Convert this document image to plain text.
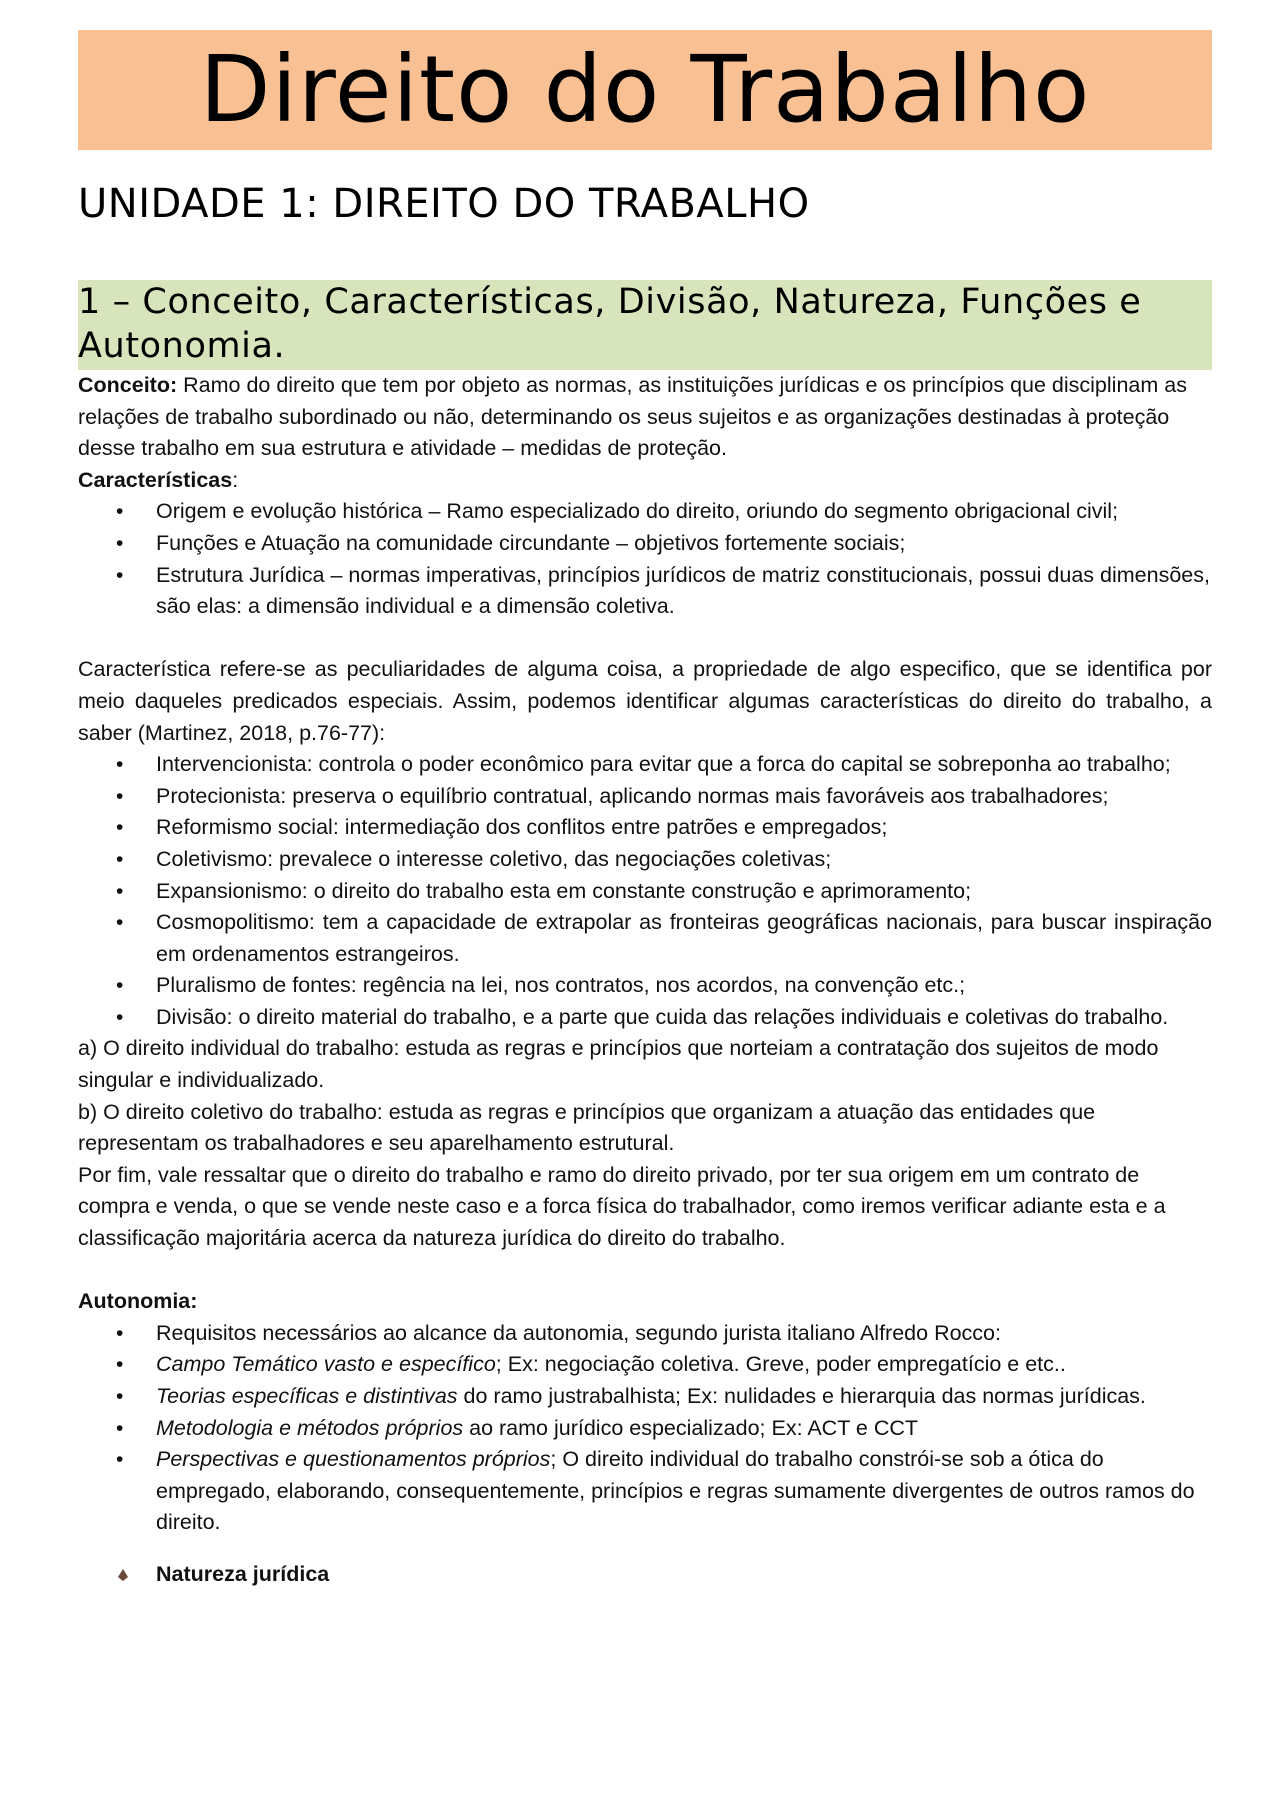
Direito do Trabalho
UNIDADE 1: DIREITO DO TRABALHO
1 – Conceito, Características, Divisão, Natureza, Funções e Autonomia.

Conceito: Ramo do direito que tem por objeto as normas, as instituições jurídicas e os princípios que disciplinam as relações de trabalho subordinado ou não, determinando os seus sujeitos e as organizações destinadas à proteção desse trabalho em sua estrutura e atividade – medidas de proteção.

Características:

• Origem e evolução histórica – Ramo especializado do direito, oriundo do segmento obrigacional civil;
• Funções e Atuação na comunidade circundante – objetivos fortemente sociais;
• Estrutura Jurídica – normas imperativas, princípios jurídicos de matriz constitucionais, possui duas dimensões, são elas: a dimensão individual e a dimensão coletiva.

Característica refere-se as peculiaridades de alguma coisa, a propriedade de algo especifico, que se identifica por meio daqueles predicados especiais. Assim, podemos identificar algumas características do direito do trabalho, a saber (Martinez, 2018, p.76-77):

• Intervencionista: controla o poder econômico para evitar que a forca do capital se sobreponha ao trabalho;
• Protecionista: preserva o equilíbrio contratual, aplicando normas mais favoráveis aos trabalhadores;
• Reformismo social: intermediação dos conflitos entre patrões e empregados;
• Coletivismo: prevalece o interesse coletivo, das negociações coletivas;
• Expansionismo: o direito do trabalho esta em constante construção e aprimoramento;
• Cosmopolitismo: tem a capacidade de extrapolar as fronteiras geográficas nacionais, para buscar inspiração em ordenamentos estrangeiros.
• Pluralismo de fontes: regência na lei, nos contratos, nos acordos, na convenção etc.;
• Divisão: o direito material do trabalho, e a parte que cuida das relações individuais e coletivas do trabalho.

a) O direito individual do trabalho: estuda as regras e princípios que norteiam a contratação dos sujeitos de modo singular e individualizado.

b) O direito coletivo do trabalho: estuda as regras e princípios que organizam a atuação das entidades que representam os trabalhadores e seu aparelhamento estrutural.

Por fim, vale ressaltar que o direito do trabalho e ramo do direito privado, por ter sua origem em um contrato de compra e venda, o que se vende neste caso e a forca física do trabalhador, como iremos verificar adiante esta e a classificação majoritária acerca da natureza jurídica do direito do trabalho.

Autonomia:

• Requisitos necessários ao alcance da autonomia, segundo jurista italiano Alfredo Rocco:
• Campo Temático vasto e específico; Ex: negociação coletiva. Greve, poder empregatício e etc..
• Teorias específicas e distintivas do ramo justrabalhista; Ex: nulidades e hierarquia das normas jurídicas.
• Metodologia e métodos próprios ao ramo jurídico especializado; Ex: ACT e CCT
• Perspectivas e questionamentos próprios; O direito individual do trabalho constrói-se sob a ótica do empregado, elaborando, consequentemente, princípios e regras sumamente divergentes de outros ramos do direito.
Natureza jurídica
